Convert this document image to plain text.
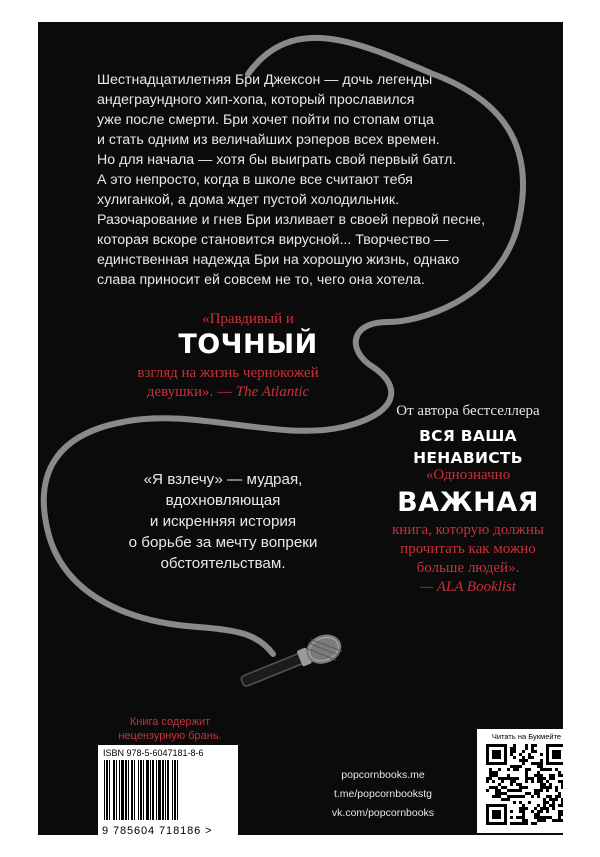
Шестнадцатилетняя Бри Джексон — дочь легенды
андеграундного хип-хопа, который прославился
уже после смерти. Бри хочет пойти по стопам отца
и стать одним из величайших рэперов всех времен.
Но для начала — хотя бы выиграть свой первый батл.
А это непросто, когда в школе все считают тебя
хулиганкой, а дома ждет пустой холодильник.
Разочарование и гнев Бри изливает в своей первой песне,
которая вскоре становится вирусной... Творчество —
единственная надежда Бри на хорошую жизнь, однако
слава приносит ей совсем не то, чего она хотела.
«Правдивый и
ТОЧНЫЙ
взгляд на жизнь чернокожей
девушки». — The Atlantic
От автора бестселлера
ВСЯ ВАША НЕНАВИСТЬ
«Я взлечу» — мудрая,
вдохновляющая
и искренняя история
о борьбе за мечту вопреки
обстоятельствам.
«Однозначно
ВАЖНАЯ
книга, которую должны
прочитать как можно
больше людей».
— ALA Booklist
Книга содержит
нецензурную брань.
ISBN 978-5-6047181-8-6
9 785604 718186 >
popcornbooks.me
t.me/popcornbookstg
vk.com/popcornbooks
Читать на Букмейте
